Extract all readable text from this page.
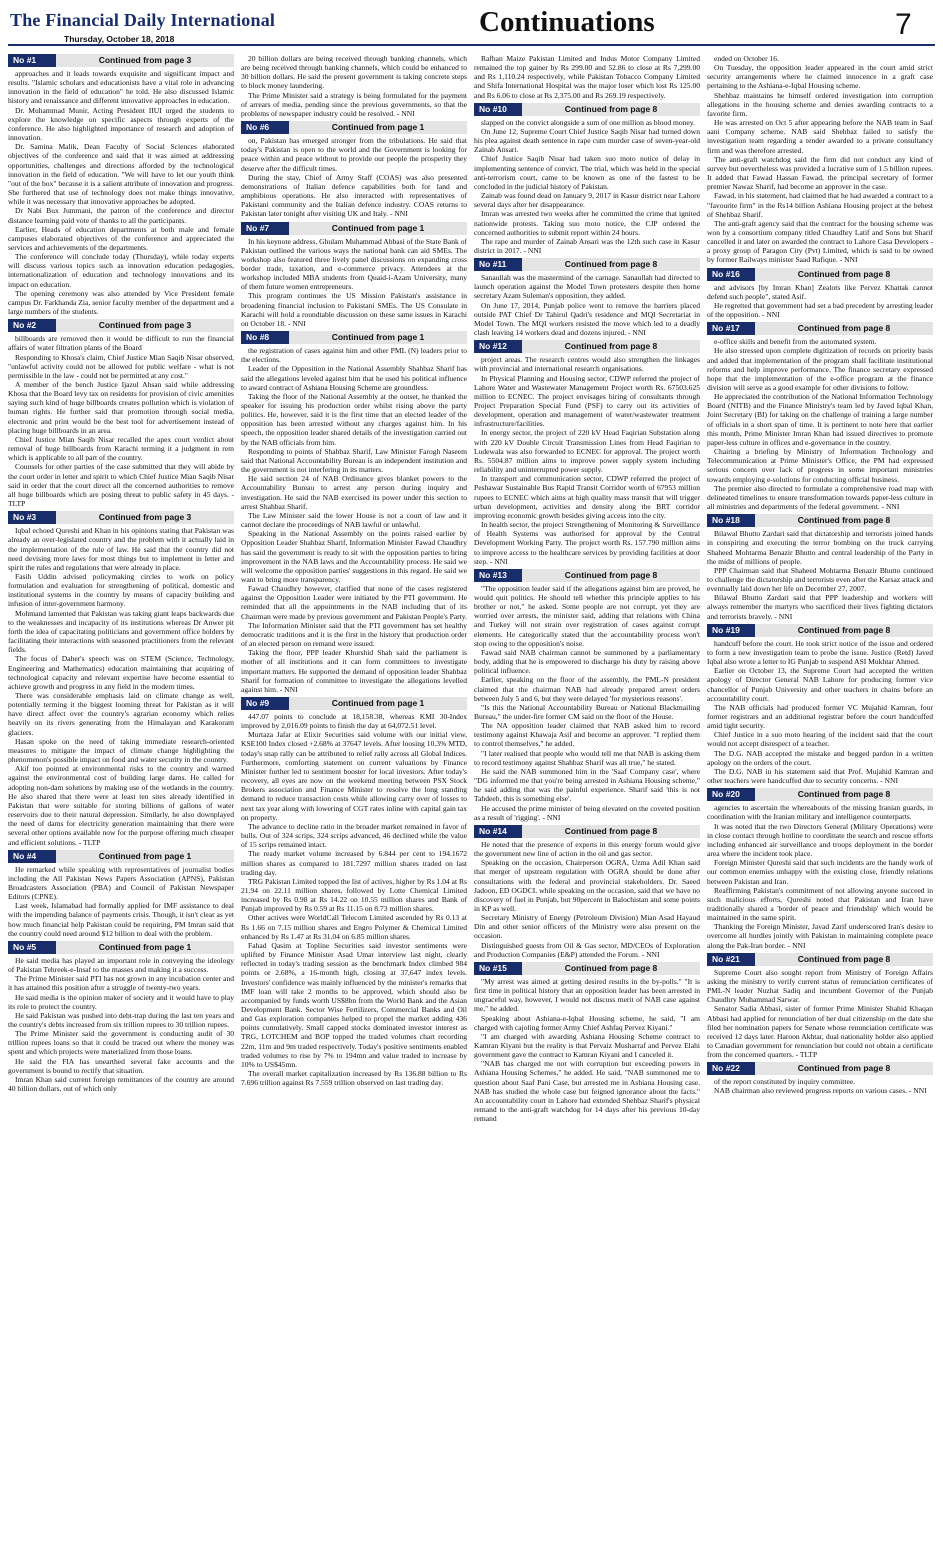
The Financial Daily International
Thursday, October 18, 2018
Continuations	7
No #1	Continued from page 3

approaches and it leads towards exquisite and significant impact and results. "Islamic scholars and educationists have a vital role in advancing innovation in the field of education" he told. He also discussed Islamic history and renaissance and different innovative approaches in education.

Dr. Muhammad Munir, Acting President IIUI urged the students to explore the knowledge on specific aspects through experts of the conference. He also highlighted importance of research and adoption of innovation.

Dr. Samina Malik, Dean Faculty of Social Sciences elaborated objectives of the conference and said that it was aimed at addressing opportunities, challenges and directions afforded by the technological innovation in the field of education. "We will have to let our youth think "out of the box" because it is a salient attribute of innovation and progress. She furthered that use of technology does not make things innovative, while it was necessary that innovative approaches be adopted.

Dr Nabi Bux Jummani, the patron of the conference and director distance learning paid vote of thanks to all the participants.

Earlier, Heads of education departments at both male and female campuses elaborated objectives of the conference and appreciated the services and achievements of the departments.

The conference will conclude today (Thursday), while today experts will discuss various topics such as innovation education pedagogies, internationalization of education and technology innovations and its impact on education.

The opening ceremony was also attended by Vice President female campus Dr. Farkhanda Zia, senior faculty member of the department and a large numbers of the students.

No #2	Continued from page 3

billboards are removed then it would be difficult to run the financial affairs of water filtration plants of the Board

Responding to Khosa's claim, Chief Justice Mian Saqib Nisar observed, "unlawful activity could not be allowed for public welfare - what is not permissible in the law - could not be permitted at any cost."

A member of the bench Justice Ijazul Ahsan said while addressing Khosa that the Board levy tax on residents for provision of civic amenities saying such kind of huge billboards creates pollution which is violation of human rights. He further said that promotion through social media, electronic and print would be the best tool for advertisement instead of placing huge billboards in an area.

Chief Justice Mian Saqib Nisar recalled the apex court verdict about removal of huge billboards from Karachi terming it a judgment in rem which is applicable to all part of the country.

Counsels for other parties of the case submitted that they will abide by the court order in letter and spirit to which Chief Justice Mian Saqib Nisar said in order that the court direct all the concerned authorities to remove all huge billboards which are posing threat to public safety in 45 days. - TLTP

No #3	Continued from page 3

Iqbal echoed Qureshi and Khan in his opinions stating that Pakistan was already an over-legislated country and the problem with it actually laid in the implementation of the rule of law. He said that the country did not need devising more laws for most things but to implement in letter and spirit the rules and regulations that were already in place.

Fasih Uddin advised policymaking circles to work on policy formulation and evaluation for strengthening of political, domestic and institutional systems in the country by means of capacity building and infusion of inter-government harmony.

Mohmand lamented that Pakistan was taking giant leaps backwards due to the weaknesses and incapacity of its institutions whereas Dr Anwer pit forth the idea of capacitating politicians and government office holders by facilitating their interactions with seasoned practitioners from the relevant fields.

The focus of Daher's speech was on STEM (Science, Technology, Engineering and Mathematics) education maintaining that acquiring of technological capacity and relevant expertise have become essential to achieve growth and progress in any field in the modern times.

There was considerable emphasis laid on climate change as well, potentially terming it the biggest looming threat for Pakistan as it will have direct affect over the country's agrarian economy which relies heavily on its rivers generating from the Himalayan and Karakoram glaciers.

Hasan spoke on the need of taking immediate research-oriented measures to mitigate the impact of climate change highlighting the phenomenon's possible impact on food and water security in the country.

Akif too pointed at environmental risks to the country and warned against the environmental cost of building large dams. He called for adopting non-dam solutions by making use of the wetlands in the country. He also shared that there were at least ten sites already identified in Pakistan that were suitable for storing billions of gallons of water reservoirs due to their natural depression. Similarly, he also downplayed the need of dams for electricity generation maintaining that there were several other options available now for the purpose offering much cheaper and efficient solutions. - TLTP

No #4	Continued from page 1

He remarked while speaking with representatives of journalist bodies including the All Pakistan News Papers Association (APNS), Pakistan Broadcasters Association (PBA) and Council of Pakistan Newspaper Editors (CPNE).

Last week, Islamabad had formally applied for IMF assistance to deal with the impending balance of payments crisis. Though, it isn't clear as yet how much financial help Pakistan could be requiring, PM Imran said that the country could need around $12 billion to deal with the problem.

No #5	Continued from page 1

He said media has played an important role in conveying the ideology of Pakistan Tehreek-e-Insaf to the masses and making it a success.

The Prime Minister said PTI has not grown in any incubation center and it has attained this position after a struggle of twenty-two years.

He said media is the opinion maker of society and it would have to play its role to protect the country.

He said Pakistan was pushed into debt-trap during the last ten years and the country's debts increased from six trillion rupees to 30 trillion rupees.

The Prime Minister said the government is conducting audit of 30 trillion rupees loans so that it could be traced out where the money was spent and which projects were materialized from those loans.

He said the FIA has unearthed several fake accounts and the government is bound to rectify that situation.

Imran Khan said current foreign remittances of the country are around 40 billion dollars, out of which only

20 billion dollars are being received through banking channels, which are being received through banking channels, which could be enhanced to 30 billion dollars. He said the present government is taking concrete steps to block money laundering.

The Prime Minister said a strategy is being formulated for the payment of arrears of media, pending since the previous governments, so that the problems of newspaper industry could be resolved. - NNI

No #6	Continued from page 1

on, Pakistan has emerged stronger from the tribulations. He said that today's Pakistan is open to the world and the Government is looking for peace within and peace without to provide our people the prosperity they deserve after the difficult times.

During the stay, Chief of Army Staff (COAS) was also presented demonstrations of Italian defence capabilities both for land and amphibious operations. He also interacted with representatives of Pakistani community and the Italian defence industry. COAS returns to Pakistan later tonight after visiting UK and Italy. - NNI

No #7	Continued from page 1

In his keynote address, Ghulam Muhammad Abbasi of the State Bank of Pakistan outlined the various ways the national bank can aid SMEs. The workshop also featured three lively panel discussions on expanding cross border trade, taxation, and e-commerce privacy. Attendees at the workshop included MBA students from Quaid-i-Azam University, many of them future women entrepreneurs.

This program continues the US Mission Pakistan's assistance in broadening financial inclusion to Pakistani SMEs. The US Consulate in Karachi will hold a roundtable discussion on these same issues in Karachi on October 18. - NNI

No #8	Continued from page 1

the registration of cases against him and other PML (N) leaders prior to the elections.

Leader of the Opposition in the National Assembly Shahbaz Sharif has said the allegations leveled against him that he used his political influence to award contract of Ashiana Housing Scheme are groundless.

Taking the floor of the National Assembly at the outset, he thanked the speaker for issuing his production order whilst rising above the party politics. He, however, said it is the first time that an elected leader of the opposition has been arrested without any charges against him. In his speech, the opposition leader shared details of the investigation carried out by the NAB officials from him.

Responding to points of Shahbaz Sharif, Law Minister Farogh Naseem said that National Accountability Bureau is an independent institution and the government is not interfering in its matters.

He said section 24 of NAB Ordinance gives blanket powers to the Accountability Bureau to arrest any person during inquiry and investigation. He said the NAB exercised its power under this section to arrest Shahbaz Sharif.

The Law Minister said the lower House is not a court of law and it cannot declare the proceedings of NAB lawful or unlawful.

Speaking in the National Assembly on the points raised earlier by Opposition Leader Shahbaz Sharif, Information Minister Fawad Chaudhry has said the government is ready to sit with the opposition parties to bring improvement in the NAB laws and the Accountability process. He said we will welcome the opposition parties' suggestions in this regard. He said we want to bring more transparency.

Fawad Chaudhry however, clarified that none of the cases registered against the Opposition Leader were initiated by the PTI government. He reminded that all the appointments in the NAB including that of its Chairman were made by previous government and Pakistan People's Party.

The Information Minister said that the PTI government has set healthy democratic traditions and it is the first in the history that production order of an elected person on remand were issued.

Taking the floor, PPP leader Khurshid Shah said the parliament is mother of all institutions and it can form committees to investigate important matters. He supported the demand of opposition leader Shahbaz Sharif for formation of committee to investigate the allegations levelled against him. - NNI

No #9	Continued from page 1

447.07 points to conclude at 18,158.38, whereas KMI 30-Index improved by 2,016.09 points to finish the day at 64,072.51 level.

Murtaza Jafar at Elixir Securities said volume with our initial view, KSE100 Index closed +2.68% at 37647 levels. After loosing 10.3% MTD, today's snap rally can be attributed to relief rally across all Global Indices. Furthermore, comforting statement on current valuations by Finance Minister further led to sentiment booster for local investors. After today's recovery, all eyes are now on the weekend meeting between PSX Stock Brokers association and Finance Minister to resolve the long standing demand to reduce transaction costs while allowing carry over of losses to next tax year along with lowering of CGT rates inline with capital gain tax on property.

The advance to decline ratio in the broader market remained in favor of bulls. Out of 324 scrips, 324 scrips advanced, 46 declined while the value of 15 scrips remained intact.

The ready market volume increased by 6.844 per cent to 194.1672 million shares as compared to 181.7297 million shares traded on last trading day.

TRG Pakistan Limited topped the list of actives, higher by Rs 1.04 at Rs 21.94 on 22.11 million shares, followed by Lotte Chemical Limited increased by Rs 0.98 at Rs 14.22 on 10.55 million shares and Bank of Punjab improved by Rs 0.59 at Rs 11.15 on 8.73 million shares.

Other actives were WorldCall Telecom Limited ascended by Rs 0.13 at Rs 1.66 on 7.15 million shares and Engro Polymer & Chemical Limited enhanced by Rs 1.47 at Rs 31.04 on 6.85 million shares.

Fahad Qasim at Topline Securities said investor sentiments were uplifted by Finance Minister Asad Umar interview last night, clearly reflected in today's trading session as the benchmark Index climbed 984 points or 2.68%, a 16-month high, closing at 37,647 index levels. Investors' confidence was mainly influenced by the minister's remarks that IMF loan will take 2 months to be approved, which should also be accompanied by funds worth US$8bn from the World Bank and the Asian Development Bank. Sector Wise Fertilizers, Commercial Banks and Oil and Gas exploration companies helped to propel the market adding 436 points cumulatively. Small capped stocks dominated investor interest as TRG, LOTCHEM and BOP topped the traded volumes chart recording 22m, 11m and 9m traded respectively. Today's positive sentiments enabled traded volumes to rise by 7% to 194mn and value traded to increase by 10% to US$45mn.

The overall market capitalization increased by Rs 136.88 billion to Rs 7.696 trillion against Rs 7.559 trillion observed on last trading day.

Rafhan Maize Pakistan Limited and Indus Motor Company Limited remained the top gainer by Rs 299.00 and 52.86 to close at Rs 7,299.00 and Rs 1,110.24 respectively, while Pakistan Tobacco Company Limited and Shifa International Hospital was the major loser which lost Rs 125.00 and Rs 6.06 to close at Rs 2,375.00 and Rs 269.19 respectively.

No #10	Continued from page 8

slapped on the convict alongside a sum of one million as blood money.

On June 12, Supreme Court Chief Justice Saqib Nisar had turned down his plea against death sentence in rape cum murder case of seven-year-old Zainab Ansari.

Chief Justice Saqib Nisar had taken suo moto notice of delay in implementing sentence of convict. The trial, which was held in the special anti-terrorism court, came to be known as one of the fastest to be concluded in the judicial history of Pakistan.

Zainab was found dead on January 9, 2017 in Kasur district near Lahore several days after her disappearance.

Imran was arrested two weeks after he committed the crime that ignited nationwide protests. Taking suo moto notice, the CJP ordered the concerned authorities to submit report within 24 hours.

The rape and murder of Zainab Ansari was the 12th such case in Kasur district in 2017. - NNI

No #11	Continued from page 8

Sanaullah was the mastermind of the carnage. Sanaullah had directed to launch operation against the Model Town protesters despite then home secretary Azam Suleman's opposition, they added.

On June 17, 2014, Punjab police went to remove the barriers placed outside PAT Chief Dr Tahirul Qadri's residence and MQI Secretariat in Model Town. The MQI workers resisted the move which led to a deadly clash leaving 14 workers dead and dozens injured. - NNI

No #12	Continued from page 8

project areas. The research centres would also strengthen the linkages with provincial and international research organisations.

In Physical Planning and Housing sector, CDWP referred the project of Lahore Water and Wastewater Management Project worth Rs. 67503.625 million to ECNEC. The project envisages hiring of consultants through Project Preparation Special Fund (PSF) to carry out its activities of development, operation and management of water/wastewater treatment infrastructure/facilities.

In energy sector, the project of 220 kV Head Faqirian Substation along with 220 kV Double Circuit Transmission Lines from Head Faqirian to Ludewala was also forwarded to ECNEC for approval. The project worth Rs. 5504.87 million aims to improve power supply system including reliability and uninterrupted power supply.

In transport and communication sector, CDWP referred the project of Peshawar Sustainable Bus Rapid Transit Corridor worth of 67953 million rupees to ECNEC which aims at high quality mass transit that will trigger urban development, activities and density along the BRT corridor improving economic growth besides giving access into the city.

In health sector, the project Strengthening of Monitoring & Surveillance of Health Systems was authorised for approval by the Central Development Working Party. The project worth Rs. 157.790 million aims to improve access to the healthcare services by providing facilities at door step. - NNI

No #13	Continued from page 8

"The opposition leader said if the allegations against him are proved, he would quit politics. He should tell whether this principle applies to his brother or not," he asked. Some people are not corrupt, yet they are worried over arrests, the minister said, adding that relations with China and Turkey will not strain over registration of cases against corrupt elements. He categorically stated that the accountability process won't stop owing to the opposition's noise.

Fawad said NAB chairman cannot be summoned by a parliamentary body, adding that he is empowered to discharge his duty by raising above political influence.

Earlier, speaking on the floor of the assembly, the PML-N president claimed that the chairman NAB had already prepared arrest orders between July 5 and 6, but they were delayed 'for mysterious reasons'.

"Is this the National Accountability Bureau or National Blackmailing Bureau," the under-fire former CM said on the floor of the House.

The NA opposition leader claimed that NAB asked him to record testimony against Khawaja Asif and become an approver. "I replied them to control themselves," he added.

"I later realised that people who would tell me that NAB is asking them to record testimony against Shahbaz Sharif was all true," he stated.

He said the NAB summoned him in the 'Saaf Company case', where "DG informed me that you're being arrested in Ashiana Housing scheme," he said adding that was the painful experience. Sharif said 'this is not Tahdeeb, this is something else'.

He accused the prime minister of being elevated on the coveted position as a result of 'rigging'. - NNI

No #14	Continued from page 8

He noted that the presence of experts in this energy forum would give the government new line of action in the oil and gas sector.

Speaking on the occasion, Chairperson OGRA, Uzma Adil Khan said that merger of upstream regulation with OGRA should be done after consultations with the federal and provincial stakeholders. Dr. Saeed Jadoon, ED OGDCL while speaking on the occasion, said that we have no discovery of fuel in Punjab, but 90percent in Balochistan and some points in KP as well.

Secretary Ministry of Energy (Petroleum Division) Mian Asad Hayaud Din and other senior officers of the Ministry were also present on the occasion.

Distinguished guests from Oil & Gas sector, MD/CEOs of Exploration and Production Companies (E&P) attended the Forum. - NNI

No #15	Continued from page 8

"My arrest was aimed at getting desired results in the by-polls." "It is first time in political history that an opposition leader has been arrested in ungraceful way, however, I would not discuss merit of NAB case against me," he added.

Speaking about Ashiana-e-Iqbal Housing scheme, he said, "I am charged with cajoling former Army Chief Ashfaq Pervez Kiyani."

"I am charged with awarding Ashiana Housing Scheme contract to Kamran Kiyani but the reality is that Pervaiz Musharraf and Pervez Elahi government gave the contract to Kamran Kiyani and I canceled it.

"NAB has charged me not with corruption but exceeding powers in Ashiana Housing Schemes," he added. He said, "NAB summoned me to question about Saaf Pani Case, but arrested me in Ashiana Housing case. NAB has studied the whole case but feigned ignorance about the facts." An accountability court in Lahore had extended Shehbaz Sharif's physical remand to the anti-graft watchdog for 14 days after his previous 10-day remand

ended on October 16.

On Tuesday, the opposition leader appeared in the court amid strict security arrangements where he claimed innocence in a graft case pertaining to the Ashiana-e-Iqbal Housing scheme.

Shehbaz maintains he himself ordered investigation into corruption allegations in the housing scheme and denies awarding contracts to a favorite firm.

He was arrested on Oct 5 after appearing before the NAB team in Saaf aani Company scheme. NAB said Shehbaz failed to satisfy the investigation team regarding a tender awarded to a private consultancy firm and was therefore arrested.

The anti-graft watchdog said the firm did not conduct any kind of survey but nevertheless was provided a lucrative sum of 1.5 billion rupees. It added that Fawad Hassan Fawad, the principal secretary of former premier Nawaz Sharif, had become an approver in the case.

Fawad, in his statement, had claimed that he had awarded a contract to a "favourite firm" in the Rs14 billion Ashiana Housing project at the behest of Shehbaz Sharif.

The anti-graft agency said that the contract for the housing scheme was won by a consortium company titled Chaudhry Latif and Sons but Sharif cancelled it and later on awarded the contract to Lahore Casa Developers - a proxy group of Paragon City (Pvt) Limited, which is said to be owned by former Railways minister Saad Rafique. - NNI

No #16	Continued from page 8

and advisors [by Imran Khan] Zealots like Pervez Khattak cannot defend such people", stated Asif.

He regretted that government had set a bad precedent by arresting leader of the opposition. - NNI

No #17	Continued from page 8

e-office skills and benefit from the automated system.

He also stressed upon complete digitization of records on priority basis and added that implementation of the program shall facilitate institutional reforms and help improve performance. The finance secretary expressed hope that the implementation of the e-office program at the finance division will serve as a good example for other divisions to follow.

He appreciated the contribution of the National Information Technology Board (NITB) and the Finance Ministry's team led by Javed Iqbal Khan, Joint Secretary (BI) for taking on the challenge of training a large number of officials in a short span of time. It is pertinent to note here that earlier this month, Prime Minister Imran Khan had issued directives to promote paper-less culture in offices and e-governance in the country.

Chairing a briefing by Ministry of Information Technology and Telecommunication at Prime Minister's Office, the PM had expressed serious concern over lack of progress in some important ministries towards employing e-solutions for conducting official business.

The premier also directed to formulate a comprehensive road map with delineated timelines to ensure transformation towards paper-less culture in all ministries and departments of the federal government. - NNI

No #18	Continued from page 8

Bilawal Bhutto Zardari said that dictatorship and terrorists joined hands in conspiring and executing the terror bombing on the truck carrying Shaheed Mohtarma Benazir Bhutto and central leadership of the Party in the midst of millions of people.

PPP Chairman said that Shaheed Mohtarma Benazir Bhutto continued to challenge the dictatorship and terrorists even after the Karsaz attack and eventually laid down her life on December 27, 2007.

Bilawal Bhutto Zardari said that PPP leadership and workers will always remember the martyrs who sacrificed their lives fighting dictators and terrorists bravely. - NNI

No #19	Continued from page 8

handcuff before the court. He took strict notice of the issue and ordered to form a new investigation team to probe the issue. Justice (Retd) Javed Iqbal also wrote a letter to IG Punjab to suspend ASI Mukhtar Ahmed.

Earlier on October 13, the Supreme Court had accepted the written apology of Director General NAB Lahore for producing former vice chancellor of Punjab University and other teachers in chains before an accountability court.

The NAB officials had produced former VC Mujahid Kamran, four former registrars and an additional registrar before the court handcuffed amid tight security.

Chief Justice in a suo moto hearing of the incident said that the court would not accept disrespect of a teacher.

The D.G. NAB accepted the mistake and begged pardon in a written apology on the orders of the court.

The D.G. NAB in his statement said that Prof. Mujahid Kamran and other teachers were handcuffed due to security concerns. - NNI

No #20	Continued from page 8

agencies to ascertain the whereabouts of the missing Iranian guards, in coordination with the Iranian military and intelligence counterparts.

It was noted that the two Directors General (Military Operations) were in close contact through hotline to coordinate the search and rescue efforts including enhanced air surveillance and troops deployment in the border area where the incident took place.

Foreign Minister Qureshi said that such incidents are the handy work of our common enemies unhappy with the existing close, friendly relations between Pakistan and Iran.

Reaffirming Pakistan's commitment of not allowing anyone succeed in such malicious efforts, Qureshi noted that Pakistan and Iran have traditionally shared a 'border of peace and friendship' which would be maintained in the same spirit.

Thanking the Foreign Minister, Javad Zarif underscored Iran's desire to overcome all hurdles jointly with Pakistan in maintaining complete peace along the Pak-Iran border. - NNI

No #21	Continued from page 8

Supreme Court also sought report from Ministry of Foreign Affairs asking the ministry to verify current status of renunciation certificates of PML-N leader Nuzhat Sadiq and incumbent Governor of the Punjab Chaudhry Muhammad Sarwar.

Senator Sadia Abbasi, sister of former Prime Minister Shahid Khaqan Abbasi had applied for renunciation of her dual citizenship on the date she filed her nomination papers for Senate whose renunciation certificate was received 12 days later. Haroon Akhtar, dual nationality holder also applied to Canadian government for renunciation but could not obtain a certificate from the concerned quarters. - TLTP

No #22	Continued from page 8

of the report constituted by inquiry committee.

NAB chairman also reviewed progress reports on various cases. - NNI
